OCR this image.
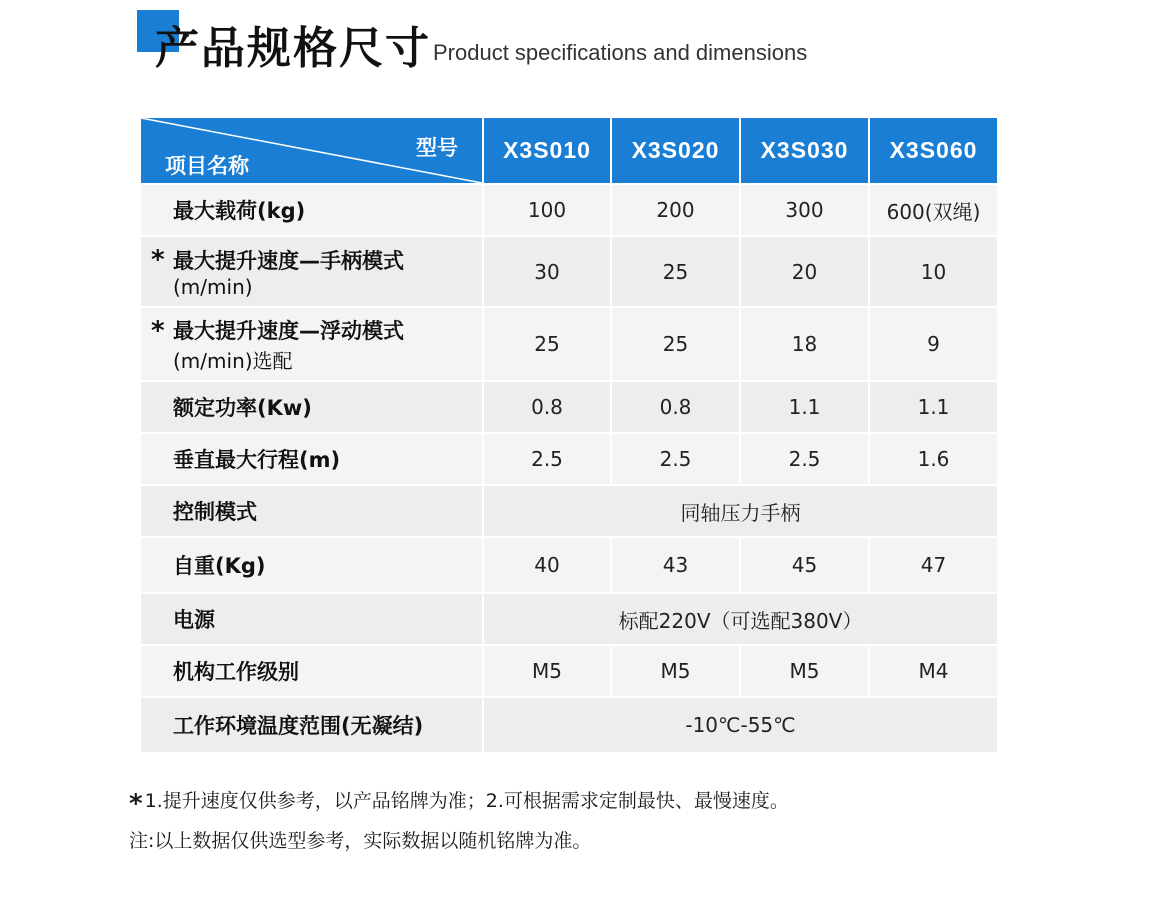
产品规格尺寸 Product specifications and dimensions
型号
项目名称	X3S010	X3S020	X3S030	X3S060
最大载荷(kg)	100	200	300	600(双绳)

* 最大提升速度—手柄模式
(m/min)	30	25	20	10

* 最大提升速度—浮动模式
(m/min)选配	25	25	18	9
额定功率(Kw)	0.8	0.8	1.1	1.1
垂直最大行程(m)	2.5	2.5	2.5	1.6
控制模式	同轴压力手柄			
自重(Kg)	40	43	45	47
电源	标配220V（可选配380V）			
机构工作级别	M5	M5	M5	M4
工作环境温度范围(无凝结)	-10℃-55℃			
* 1.提升速度仅供参考，以产品铭牌为准；2.可根据需求定制最快、最慢速度。
注:以上数据仅供选型参考，实际数据以随机铭牌为准。
